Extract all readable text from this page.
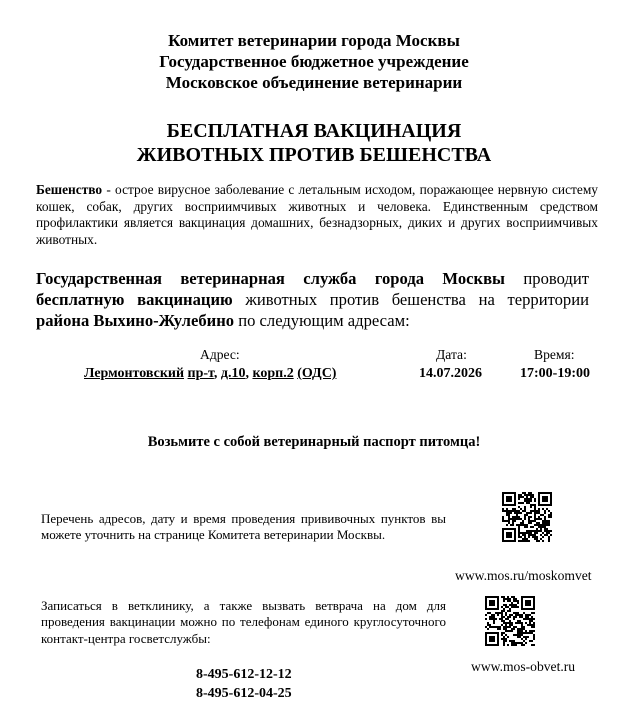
Комитет ветеринарии города Москвы
Государственное бюджетное учреждение
Московское объединение ветеринарии
БЕСПЛАТНАЯ ВАКЦИНАЦИЯ
ЖИВОТНЫХ ПРОТИВ БЕШЕНСТВА
Бешенство - острое вирусное заболевание с летальным исходом, поражающее нервную систему кошек, собак, других восприимчивых животных и человека. Единственным средством профилактики является вакцинация домашних, безнадзорных, диких и других восприимчивых животных.
Государственная ветеринарная служба города Москвы проводит бесплатную вакцинацию животных против бешенства на территории района Выхино-Жулебино по следующим адресам:
Адрес:	Дата:	Время:
Лермонтовский пр-т, д.10, корп.2 (ОДС)	14.07.2026	17:00-19:00
Возьмите с собой ветеринарный паспорт питомца!
Перечень адресов, дату и время проведения прививочных пунктов вы можете уточнить на странице Комитета ветеринарии Москвы.
www.mos.ru/moskomvet
Записаться в ветклинику, а также вызвать ветврача на дом для проведения вакцинации можно по телефонам единого круглосуточного контакт-центра госветслужбы:
www.mos-obvet.ru
8-495-612-12-12
8-495-612-04-25
